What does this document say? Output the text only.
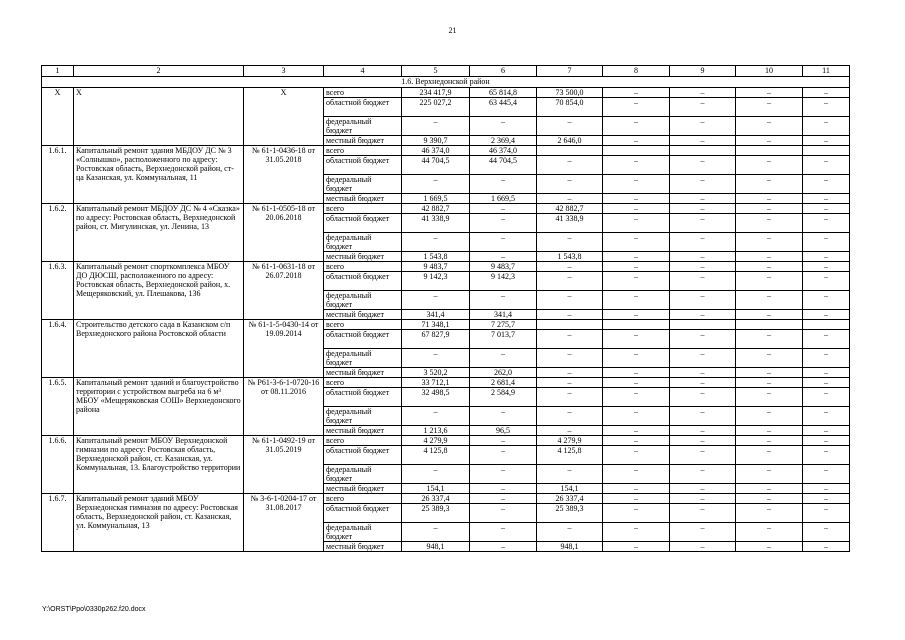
21
1	2	3	4	5	6	7	8	9	10	11
1.6. Верхнедонской район										
X	X	X	всего	234 417,9	65 814,8	73 500,0	–	–	–	–
			областной бюджет	225 027,2	63 445,4	70 854,0	–	–	–	–
			федеральный бюджет	–	–	–	–	–	–	–
			местный бюджет	9 390,7	2 369,4	2 646,0	–	–	–	–
1.6.1.	Капитальный ремонт здания МБДОУ ДС № 3 «Солнышко», расположенного по адресу: Ростовская область, Верхнедонской район, ст-ца Казанская, ул. Коммунальная, 11	№ 61-1-0436-18 от 31.05.2018	всего	46 374,0	46 374,0					
			областной бюджет	44 704,5	44 704,5	–	–	–	–	–
			федеральный бюджет	–	–	–	–	–	–	–
			местный бюджет	1 669,5	1 669,5	–	–	–	–	–
1.6.2.	Капитальный ремонт МБДОУ ДС № 4 «Сказка» по адресу: Ростовская область, Верхнедонской район, ст. Мигулинская, ул. Ленина, 13	№ 61-1-0505-18 от 20.06.2018	всего	42 882,7	–	42 882,7	–	–	–	–
			областной бюджет	41 338,9	–	41 338,9	–	–	–	–
			федеральный бюджет	–	–	–	–	–	–	–
			местный бюджет	1 543,8	–	1 543,8	–	–	–	–
1.6.3.	Капитальный ремонт спорткомплекса МБОУ ДО ДЮСШ, расположенного по адресу: Ростовская область, Верхнедонской район, х. Мещеряковский, ул. Плешакова, 136	№ 61-1-0631-18 от 26.07.2018	всего	9 483,7	9 483,7	–	–	–	–	–
			областной бюджет	9 142,3	9 142,3	–	–	–	–	–
			федеральный бюджет	–	–	–	–	–	–	–
			местный бюджет	341,4	341,4	–	–	–	–	–
1.6.4.	Строительство детского сада в Казанском с/п Верхнедонского района Ростовской области	№ 61-1-5-0430-14 от 19.09.2014	всего	71 348,1	7 275,7					
			областной бюджет	67 827,9	7 013,7	–	–	–	–	–
			федеральный бюджет	–	–	–	–	–	–	–
			местный бюджет	3 520,2	262,0	–	–	–	–	–
1.6.5.	Капитальный ремонт зданий и благоустройство территории с устройством выгреба на 6 м³ МБОУ «Мещеряковская СОШ» Верхнедонского района	№ Р61-3-6-1-0720-16 от 08.11.2016	всего	33 712,1	2 681,4	–	–	–	–	–
			областной бюджет	32 498,5	2 584,9	–	–	–	–	–
			федеральный бюджет	–	–	–	–	–	–	–
			местный бюджет	1 213,6	96,5	–	–	–	–	–
1.6.6.	Капитальный ремонт МБОУ Верхнедонской гимназии по адресу: Ростовская область, Верхнедонской район, ст. Казанская, ул. Коммунальная, 13. Благоустройство территории	№ 61-1-0492-19 от 31.05.2019	всего	4 279,9	–	4 279,9	–	–	–	–
			областной бюджет	4 125,8	–	4 125,8	–	–	–	–
			федеральный бюджет	–	–	–	–	–	–	–
			местный бюджет	154,1	–	154,1	–	–	–	–
1.6.7.	Капитальный ремонт зданий МБОУ Верхнедонская гимназия по адресу: Ростовская область, Верхнедонской район, ст. Казанская, ул. Коммунальная, 13	№ 3-6-1-0204-17 от 31.08.2017	всего	26 337,4	–	26 337,4	–	–	–	–
			областной бюджет	25 389,3	–	25 389,3	–	–	–	–
			федеральный бюджет	–	–	–	–	–	–	–
			местный бюджет	948,1	–	948,1	–	–	–	–
Y:\ORST\Ppo\0330p262.f20.docx
